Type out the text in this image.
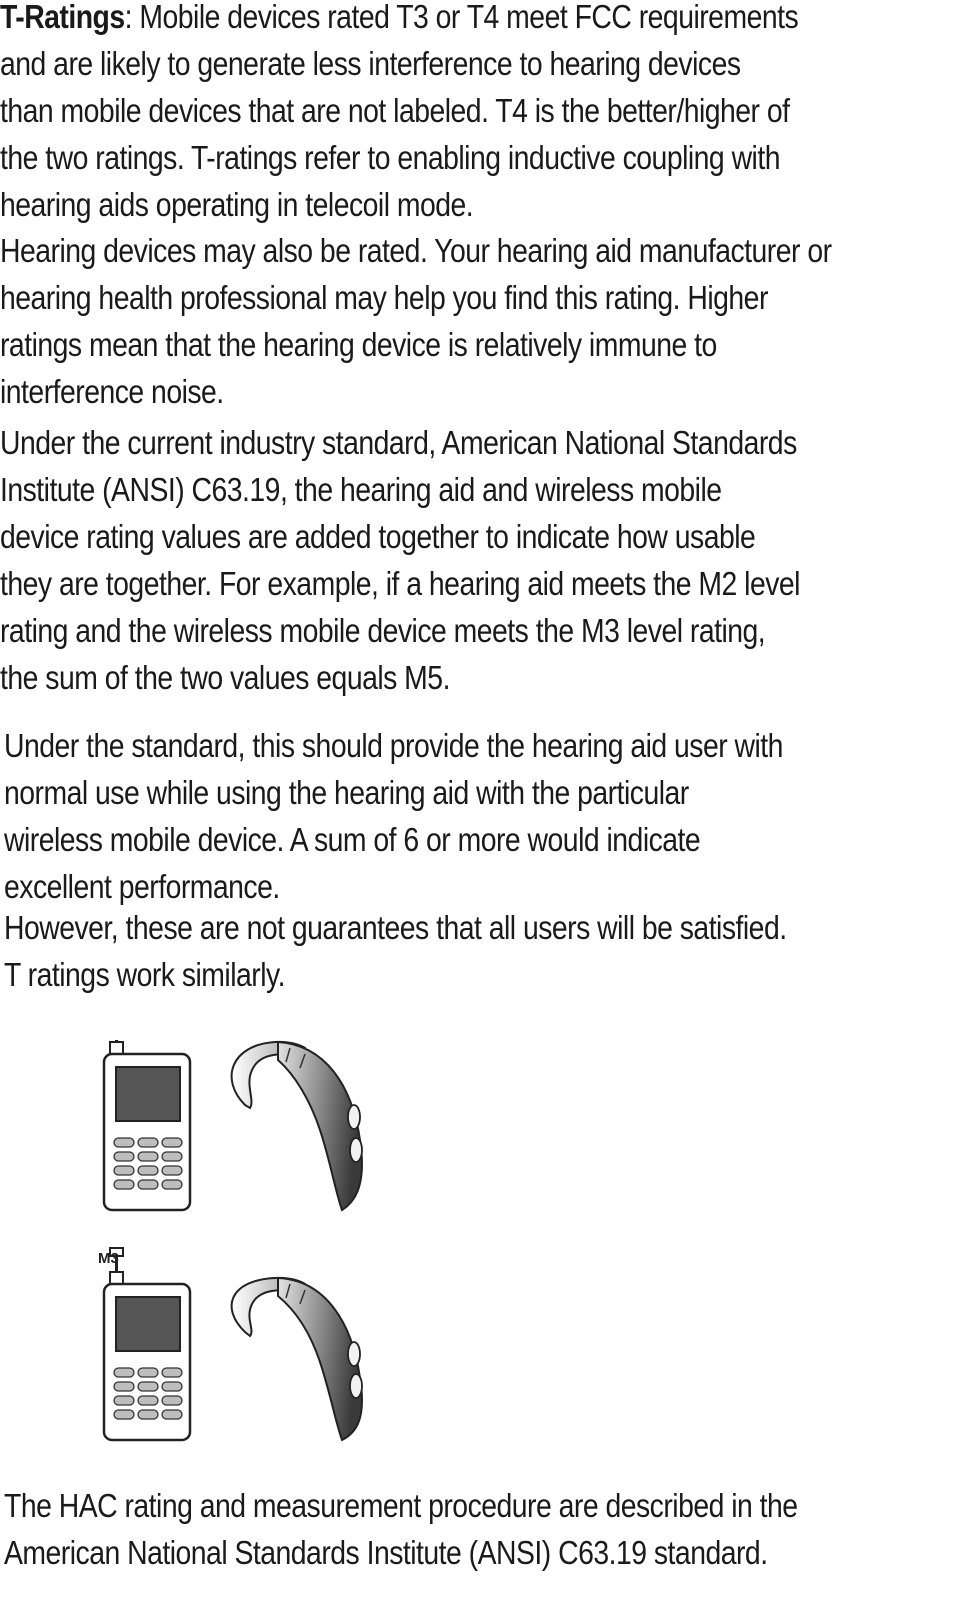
T-Ratings: Mobile devices rated T3 or T4 meet FCC requirements
and are likely to generate less interference to hearing devices
than mobile devices that are not labeled. T4 is the better/higher of
the two ratings. T-ratings refer to enabling inductive coupling with
hearing aids operating in telecoil mode.

Hearing devices may also be rated. Your hearing aid manufacturer or
hearing health professional may help you find this rating. Higher
ratings mean that the hearing device is relatively immune to
interference noise.

Under the current industry standard, American National Standards
Institute (ANSI) C63.19, the hearing aid and wireless mobile
device rating values are added together to indicate how usable
they are together. For example, if a hearing aid meets the M2 level
rating and the wireless mobile device meets the M3 level rating,
the sum of the two values equals M5.

Under the standard, this should provide the hearing aid user with
normal use while using the hearing aid with the particular
wireless mobile device. A sum of 6 or more would indicate
excellent performance.

However, these are not guarantees that all users will be satisfied.
T ratings work similarly.

M3

The HAC rating and measurement procedure are described in the
American National Standards Institute (ANSI) C63.19 standard.
